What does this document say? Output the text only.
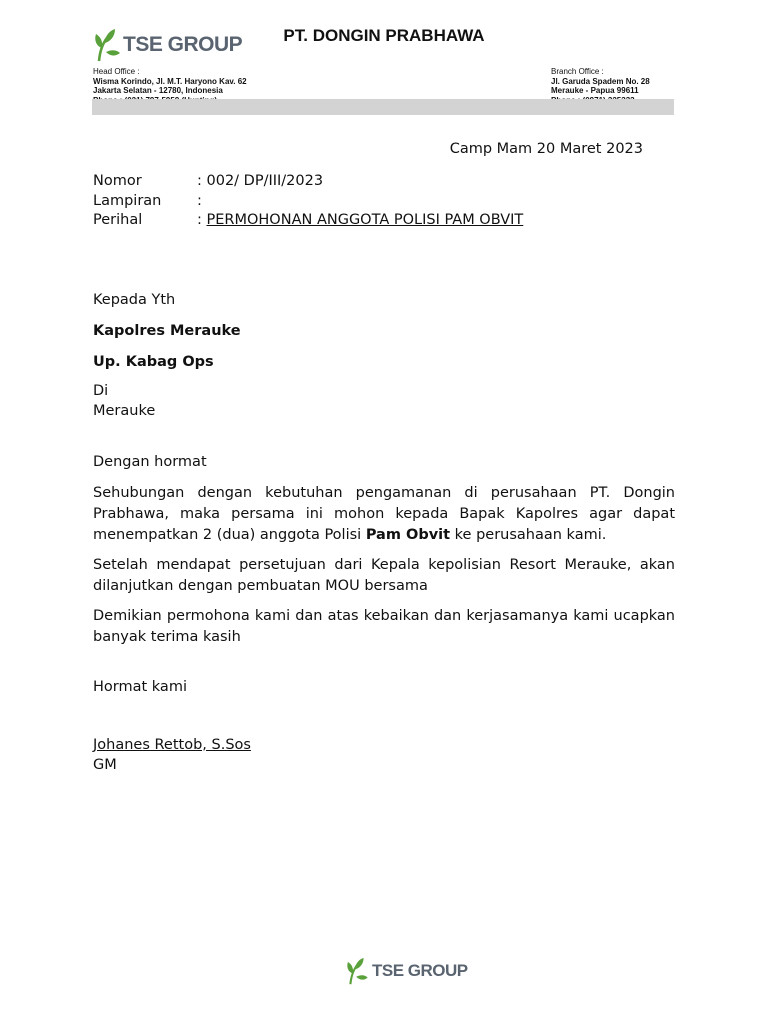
TSE GROUP	PT. DONGIN PRABHAWA
Head Office :
Wisma Korindo, Jl. M.T. Haryono Kav. 62
Jakarta Selatan - 12780, Indonesia
Branch Office :
Jl. Garuda Spadem No. 28
Merauke - Papua 99611
Camp Mam 20 Maret 2023
Nomor	: 002/ DP/III/2023
Lampiran	:
Perihal	: PERMOHONAN ANGGOTA POLISI PAM OBVIT
Kepada Yth
Kapolres Merauke
Up. Kabag Ops
Di
Merauke
Dengan hormat
Sehubungan dengan kebutuhan pengamanan di perusahaan PT. Dongin Prabhawa, maka persama ini mohon kepada Bapak Kapolres agar dapat menempatkan 2 (dua) anggota Polisi Pam Obvit ke perusahaan kami.
Setelah mendapat persetujuan dari Kepala kepolisian Resort Merauke, akan dilanjutkan dengan pembuatan MOU bersama
Demikian permohona kami dan atas kebaikan dan kerjasamanya kami ucapkan banyak terima kasih
Hormat kami
Johanes Rettob, S.Sos
GM
TSE GROUP
